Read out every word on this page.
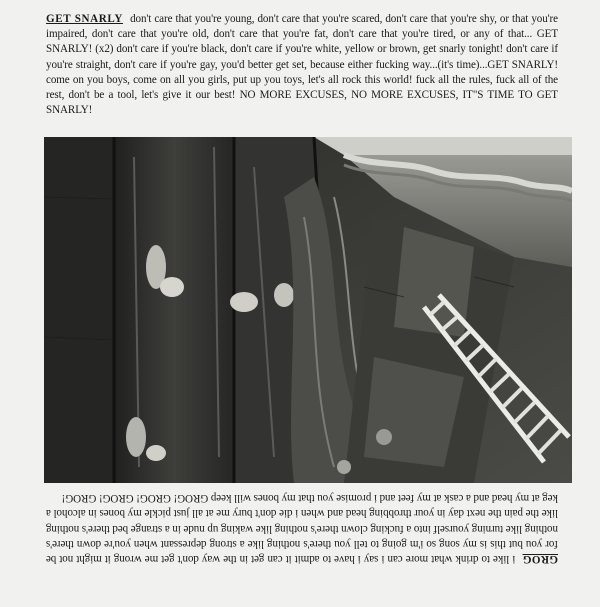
GET SNARLY don't care that you're young, don't care that you're scared, don't care that you're shy, or that you're impaired, don't care that you're old, don't care that you're fat, don't care that you're tired, or any of that... GET SNARLY! (x2) don't care if you're black, don't care if you're white, yellow or brown, get snarly tonight! don't care if you're straight, don't care if you're gay, you'd better get set, because either fucking way...(it's time)...GET SNARLY! come on you boys, come on all you girls, put up you toys, let's all rock this world! fuck all the rules, fuck all of the rest, don't be a tool, let's give it our best! NO MORE EXCUSES, NO MORE EXCUSES, IT"S TIME TO GET SNARLY!
GROG i like to drink what more can i say i have to admit it can get in the way don't get me wrong it might not be for you but this is my song so i'm going to tell you there's nothing like a strong depressant when you're down there's nothing like turning yourself into a fucking clown there's nothing like waking up nude in a strange bed there's nothing like the pain the next day in your throbbing head and when i die don't bury me at all just pickle my bones in alcohol a keg at my head and a cask at my feet and i promise you that my bones will keep GROG! GROG! GROG! GROG!
